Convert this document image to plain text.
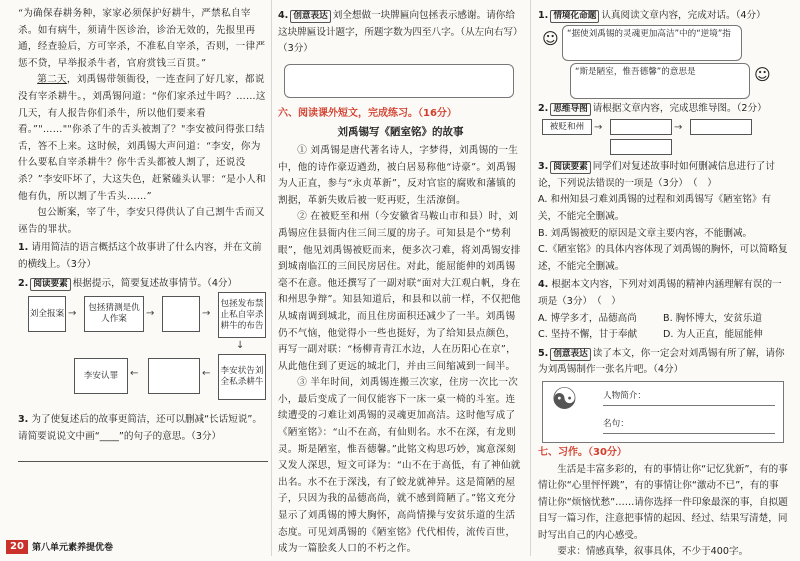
“为确保春耕务种，家家必须保护好耕牛，严禁私自宰杀。如有病牛，须请牛医诊治，诊治无效的，先报里再通，经查验后，方可宰杀，不准私自宰杀，否则，一律严惩不贷，早举报杀牛者，官府赏钱三百贯。”

第二天，刘禹锡带领衙役，一连查问了好几家，都说没有宰杀耕牛。，刘禹锡问道：“你们家杀过牛吗？……这几天，有人报告你们杀牛，所以他们要来看看。”"……""你杀了牛的舌头被割了？"李安被问得张口结舌，答不上来。这时候，刘禹锡大声问道：“李安，你为什么要私自宰杀耕牛？你牛舌头都被人割了，还说没杀？”李安吓坏了，大这失色，赶紧磕头认罪：“是小人和他有仇，所以割了牛舌头……”

包公断案，宰了牛，李安只得供认了自己割牛舌而又诬告的罪状。

1. 请用简洁的语言概括这个故事讲了什么内容，并在文前的横线上。（3分）

2. 阅读要素 根据提示，简要复述故事情节。（4分）

刘全报案 →	包拯猜测是仇人作案	→	→
包拯发布禁止私自宰杀耕牛的布告
↓
李安状告刘全私杀耕牛
←
←
李安认罪

3. 为了使复述后的故事更简洁，还可以删减“长话短说”。请简要说说文中画“____”的句子的意思。（3分）

20 第八单元素养提优卷

4. 创意表达 刘全想做一块牌匾向包拯表示感谢。请你给这块牌匾设计题字，所题字数为四至八字。（从左向右写）（3分）

六、阅读课外短文，完成练习。（16分）

刘禹锡写《陋室铭》的故事

① 刘禹锡是唐代著名诗人，字梦得，刘禹锡的一生中，他的诗作豪迈遒劲，被白居易称他“诗豪”。刘禹锡为人正直，参与“永贞革新”，反对官宦的腐败和藩镇的割据，革新失败后被一贬再贬，生活潦倒。

② 在被贬至和州（今安徽省马鞍山市和县）时，刘禹锡应住县衙内住三间三厦的房子。可知县是个“势利眼”，他见刘禹锡被贬而来，便多次刁难，将刘禹锡安排到城南临江的三间民房居住。对此，能屈能伸的刘禹锡毫不在意。他还撰写了一副对联“面对大江观白帆，身在和州思争辩”。知县知道后，和县和以前一样，不仅把他从城南调到城北，而且住房面积还减少了一半。刘禹锡仍不气恼，他觉得小一些也挺好，为了给知县点颜色，再写一副对联：“杨柳青青江水边，人在历阳心在京”，从此他住到了更远的城北门，并由三间缩减到一间半。

③ 半年时间，刘禹锡连搬三次家，住房一次比一次小，最后变成了一间仅能容下一床一桌一椅的斗室。连续遭受的刁难让刘禹锡的灵魂更加高洁。这时他写成了《陋室铭》：“山不在高，有仙则名。水不在深，有龙则灵。斯是陋室，惟吾德馨。”此铭文构思巧妙，寓意深刻又发人深思，短文可译为：“山不在于高低，有了神仙就出名。水不在于深浅，有了蛟龙就神异。这是简陋的屋子，只因为我的品德高尚，就不感到简陋了。”铭文充分显示了刘禹锡的博大胸怀，高尚情操与安贫乐道的生活态度。可见刘禹锡的《陋室铭》代代相传，流传百世，成为一篇脍炙人口的不朽之作。

1. 情境化命题 认真阅读文章内容，完成对话。（4分）

☺ “据使刘禹锡的灵魂更加高洁”中的“逆境”指
“斯是陋室，惟吾德馨”的意思是	☺

2. 思维导图 请根据文章内容，完成思维导图。（2分）

被贬和州 →	→

3. 阅读要素 同学们对复述故事时如何删减信息进行了讨论，下列说法错误的一项是（3分）（　）

A. 和州知县刁难刘禹锡的过程和刘禹锡写《陋室铭》有关，不能完全删减。

B. 刘禹锡被贬的原因是文章主要内容，不能删减。

C.《陋室铭》的具体内容体现了刘禹锡的胸怀，可以简略复述，不能完全删减。

4. 根据本文内容，下列对刘禹锡的精神内涵理解有误的一项是（3分）（　）

A. 博学多才，品德高尚	B. 胸怀博大，安贫乐道
C. 坚持不懈，甘于奉献	D. 为人正直，能屈能伸

5. 创意表达 读了本文，你一定会对刘禹锡有所了解，请你为刘禹锡制作一张名片吧。（4分）

☯	人物简介：
名句：

七、习作。（30分）

生活是丰富多彩的，有的事情让你“记忆犹新”，有的事情让你“心里怦怦跳”，有的事情让你“激动不已”，有的事情让你“烦恼忧愁”……请你选择一件印象最深的事，自拟题目写一篇习作，注意把事情的起因、经过、结果写清楚，同时写出自己的内心感受。

要求：情感真挚，叙事具体，不少于400字。
